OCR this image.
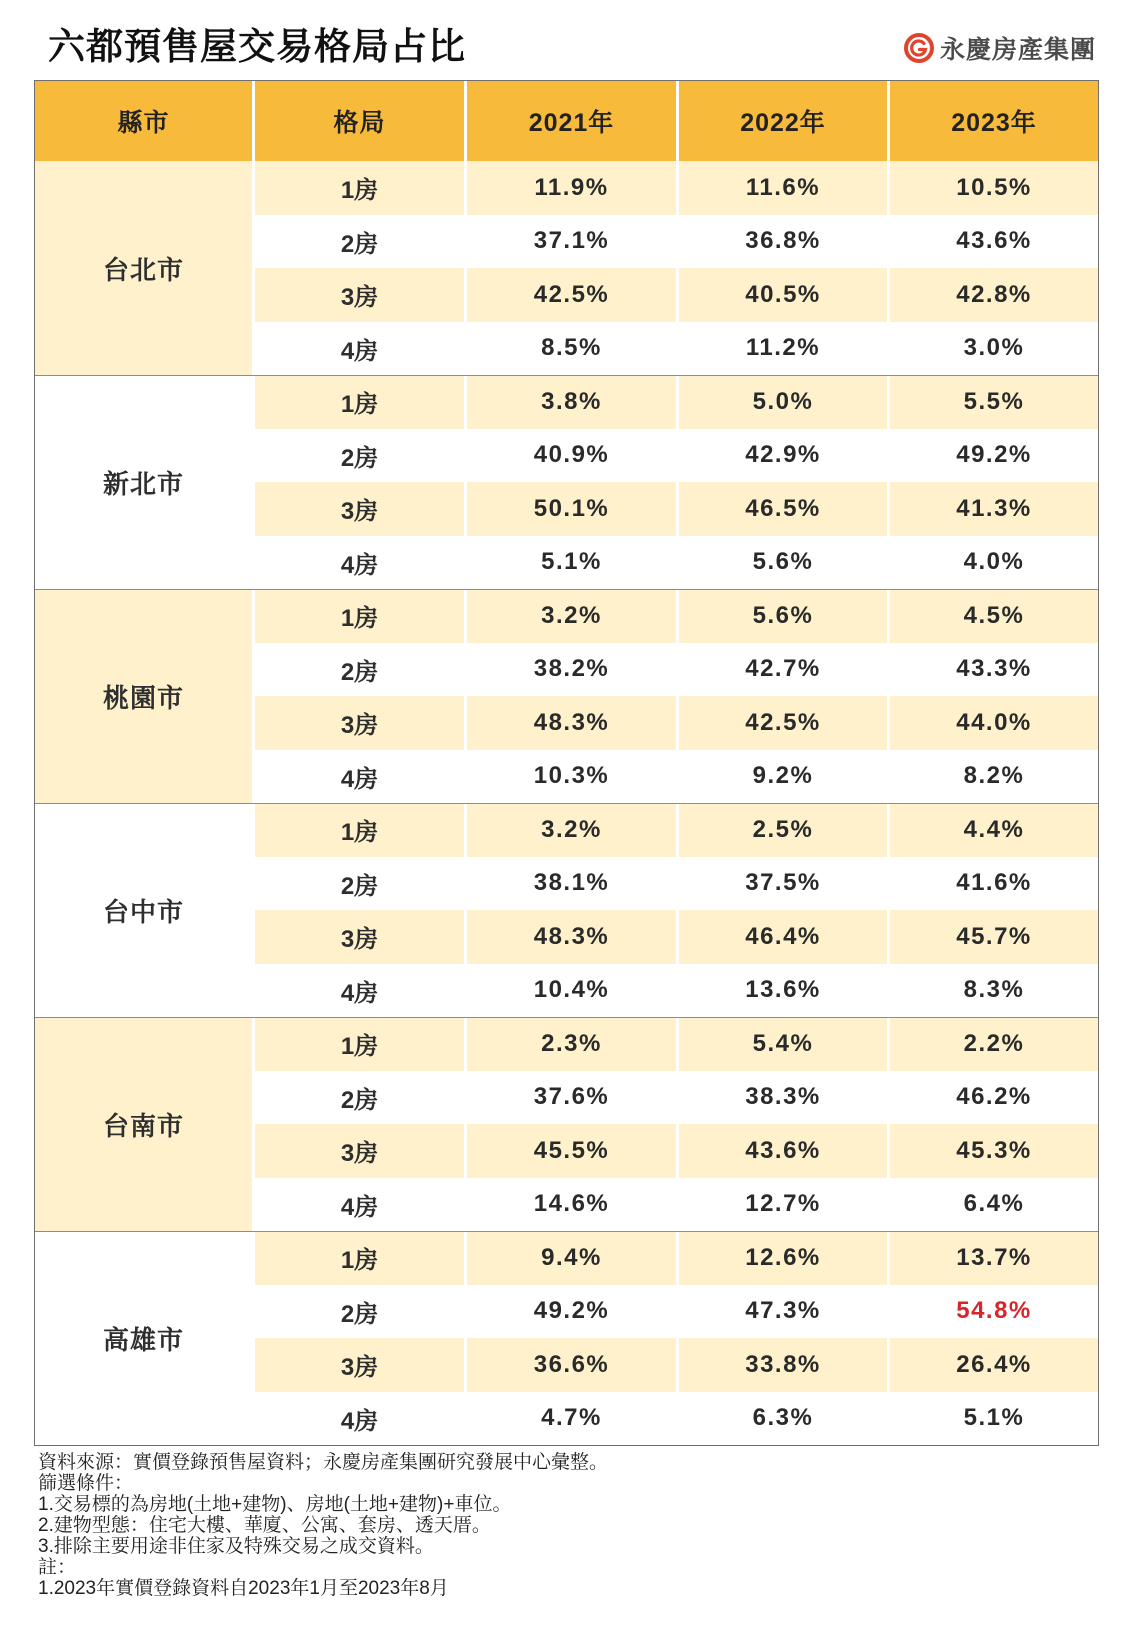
六都預售屋交易格局占比	永慶房產集團
縣市	格局	2021年	2022年	2023年
台北市
1房	11.9%	11.6%	10.5%
2房	37.1%	36.8%	43.6%
3房	42.5%	40.5%	42.8%
4房	8.5%	11.2%	3.0%
新北市
1房	3.8%	5.0%	5.5%
2房	40.9%	42.9%	49.2%
3房	50.1%	46.5%	41.3%
4房	5.1%	5.6%	4.0%
桃園市
1房	3.2%	5.6%	4.5%
2房	38.2%	42.7%	43.3%
3房	48.3%	42.5%	44.0%
4房	10.3%	9.2%	8.2%
台中市
1房	3.2%	2.5%	4.4%
2房	38.1%	37.5%	41.6%
3房	48.3%	46.4%	45.7%
4房	10.4%	13.6%	8.3%
台南市
1房	2.3%	5.4%	2.2%
2房	37.6%	38.3%	46.2%
3房	45.5%	43.6%	45.3%
4房	14.6%	12.7%	6.4%
高雄市
1房	9.4%	12.6%	13.7%
2房	49.2%	47.3%	54.8%
3房	36.6%	33.8%	26.4%
4房	4.7%	6.3%	5.1%
資料來源：實價登錄預售屋資料；永慶房產集團研究發展中心彙整。
篩選條件：
1.交易標的為房地(土地+建物)、房地(土地+建物)+車位。
2.建物型態：住宅大樓、華廈、公寓、套房、透天厝。
3.排除主要用途非住家及特殊交易之成交資料。
註：
1.2023年實價登錄資料自2023年1月至2023年8月
